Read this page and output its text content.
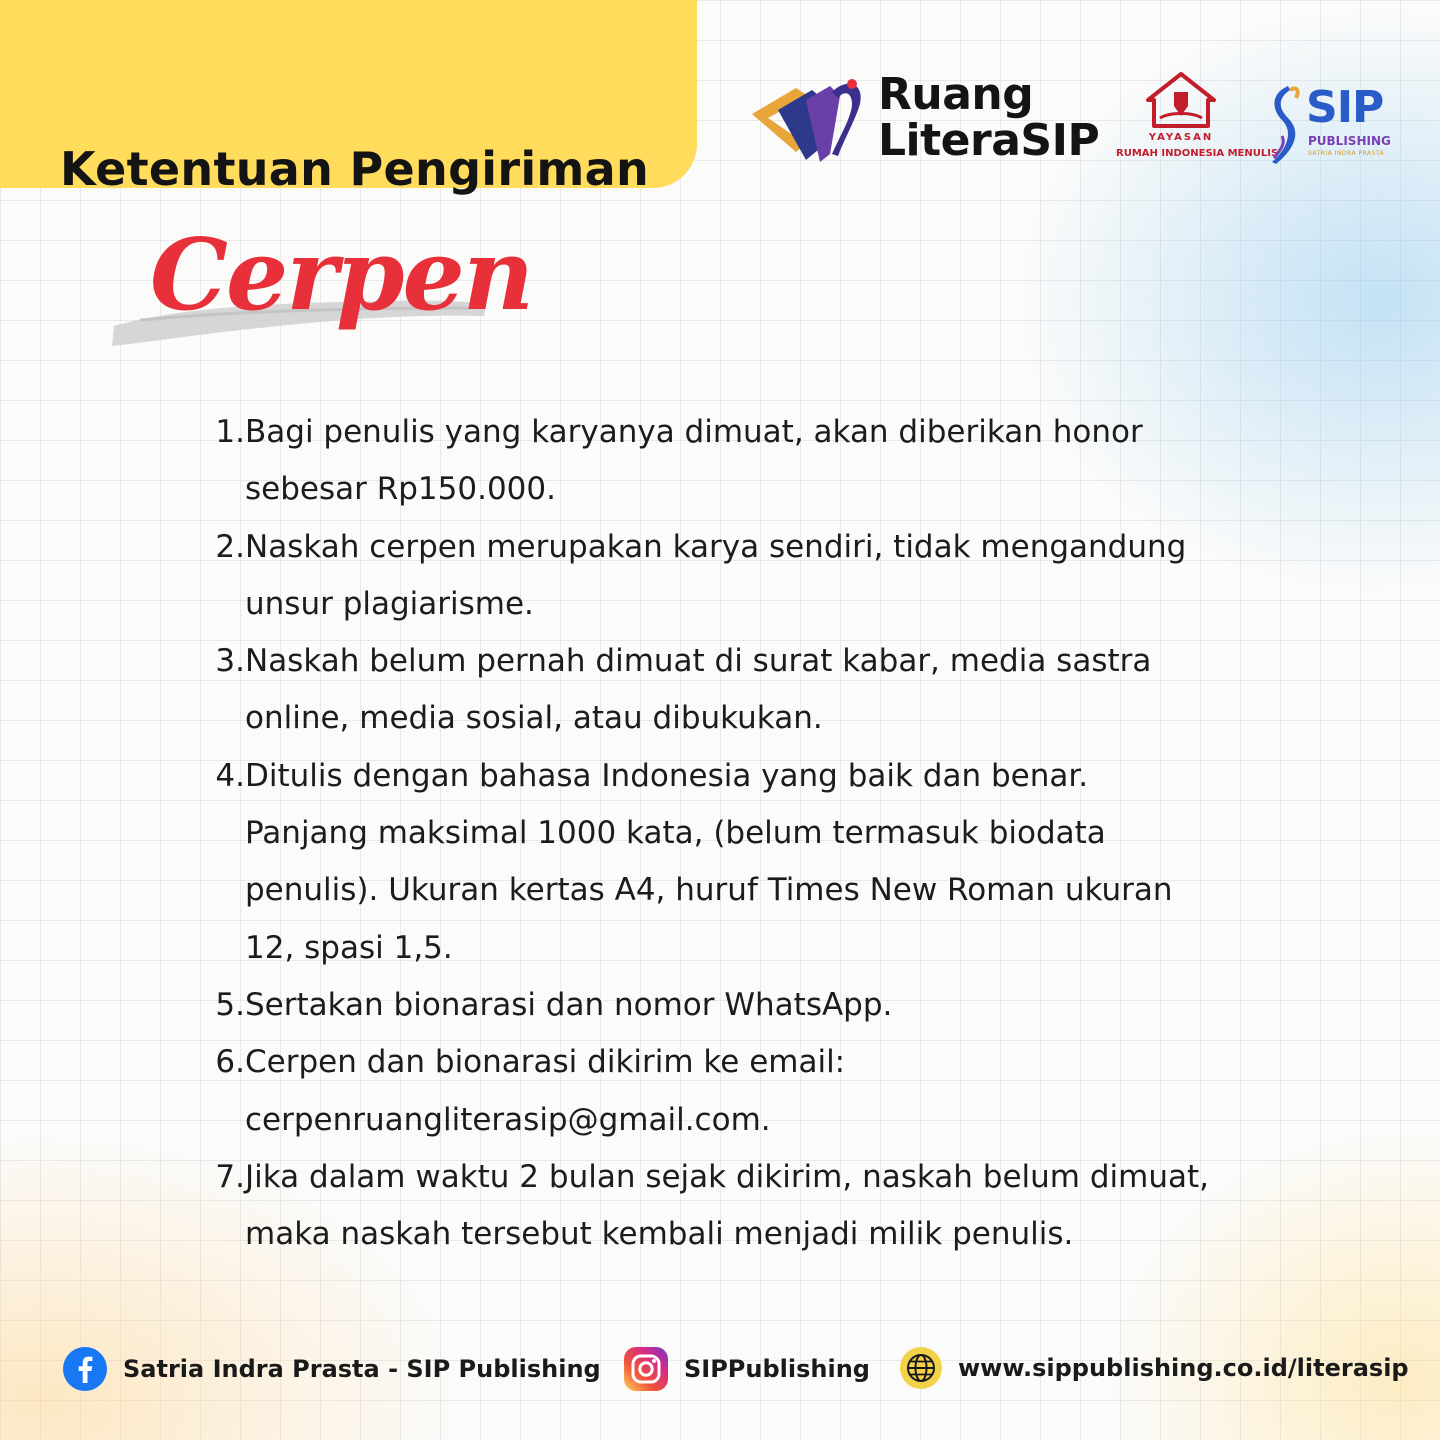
Ketentuan Pengiriman
Cerpen
Ruang
LiteraSIP	YAYASAN
RUMAH INDONESIA MENULIS
SIP
PUBLISHING
SATRIA INDRA PRASTA
1. Bagi penulis yang karyanya dimuat, akan diberikan honor
sebesar Rp150.000.
2. Naskah cerpen merupakan karya sendiri, tidak mengandung
unsur plagiarisme.
3. Naskah belum pernah dimuat di surat kabar, media sastra
online, media sosial, atau dibukukan.
4. Ditulis dengan bahasa Indonesia yang baik dan benar.
Panjang maksimal 1000 kata, (belum termasuk biodata
penulis). Ukuran kertas A4, huruf Times New Roman ukuran
12, spasi 1,5.
5. Sertakan bionarasi dan nomor WhatsApp.
6. Cerpen dan bionarasi dikirim ke email:
cerpenruangliterasip@gmail.com.
7. Jika dalam waktu 2 bulan sejak dikirim, naskah belum dimuat,
maka naskah tersebut kembali menjadi milik penulis.
Satria Indra Prasta - SIP Publishing	SIPPublishing	www.sippublishing.co.id/literasip
